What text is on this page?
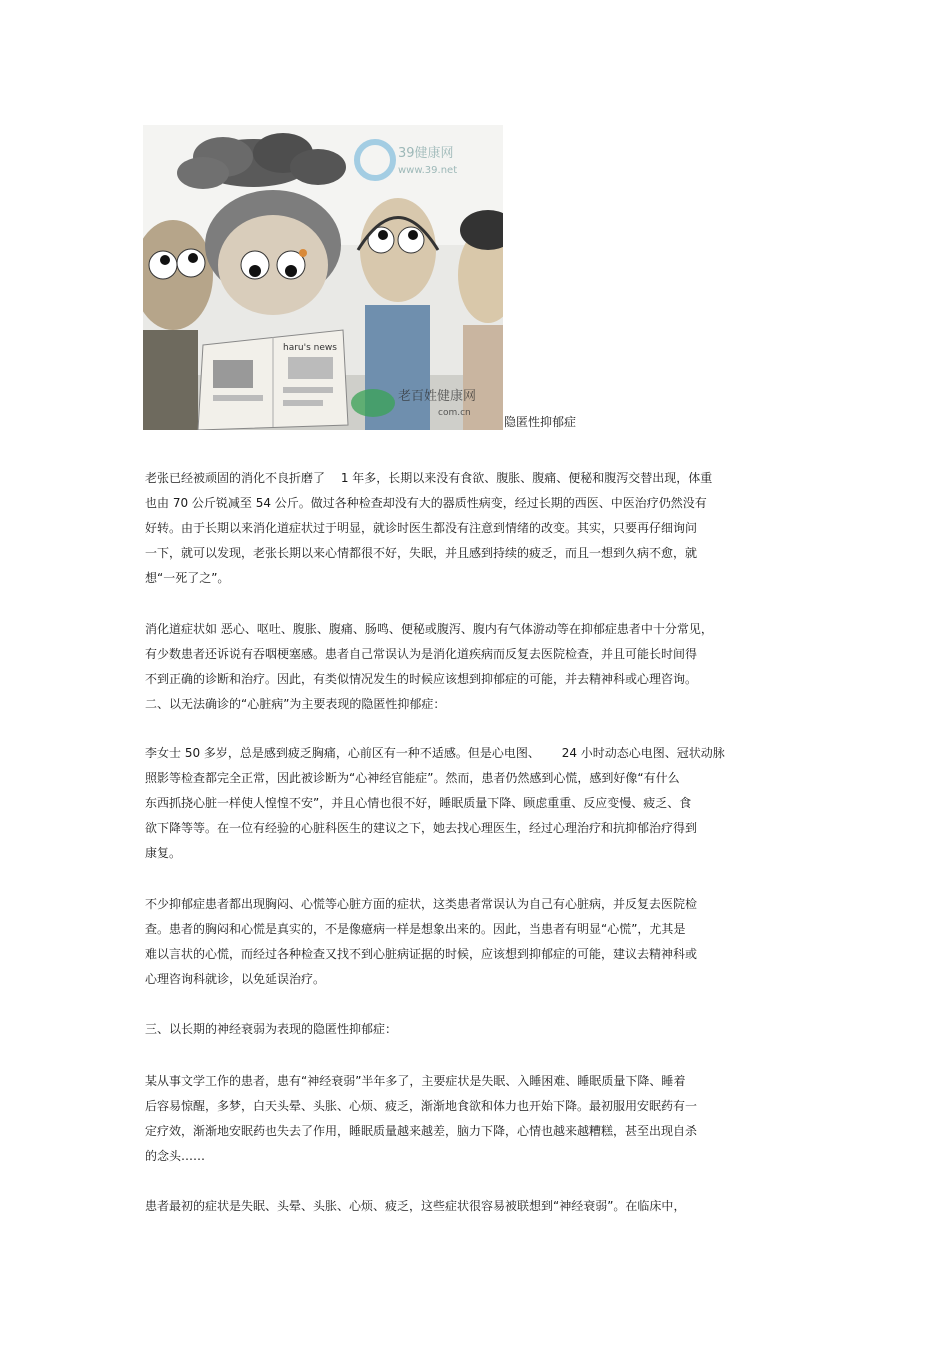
39健康网
www.39.net
haru's news
老百姓健康网
com.cn
隐匿性抑郁症
老张已经被顽固的消化不良折磨了 　1 年多，长期以来没有食欲、腹胀、腹痛、便秘和腹泻交替出现，体重
也由 70 公斤锐减至 54 公斤。做过各种检查却没有大的器质性病变，经过长期的西医、中医治疗仍然没有
好转。由于长期以来消化道症状过于明显，就诊时医生都没有注意到情绪的改变。其实，只要再仔细询问
一下，就可以发现，老张长期以来心情都很不好，失眠，并且感到持续的疲乏，而且一想到久病不愈，就
想“一死了之”。
消化道症状如 恶心、呕吐、腹胀、腹痛、肠鸣、便秘或腹泻、腹内有气体游动等在抑郁症患者中十分常见，
有少数患者还诉说有吞咽梗塞感。患者自己常误认为是消化道疾病而反复去医院检查，并且可能长时间得
不到正确的诊断和治疗。因此，有类似情况发生的时候应该想到抑郁症的可能，并去精神科或心理咨询。
二、以无法确诊的“心脏病”为主要表现的隐匿性抑郁症：
李女士 50 多岁，总是感到疲乏胸痛，心前区有一种不适感。但是心电图、　　 24 小时动态心电图、冠状动脉
照影等检查都完全正常，因此被诊断为“心神经官能症”。然而，患者仍然感到心慌，感到好像“有什么
东西抓挠心脏一样使人惶惶不安”，并且心情也很不好，睡眠质量下降、顾虑重重、反应变慢、疲乏、食
欲下降等等。在一位有经验的心脏科医生的建议之下，她去找心理医生，经过心理治疗和抗抑郁治疗得到
康复。
不少抑郁症患者都出现胸闷、心慌等心脏方面的症状，这类患者常误认为自己有心脏病，并反复去医院检
查。患者的胸闷和心慌是真实的，不是像癔病一样是想象出来的。因此，当患者有明显“心慌”，尤其是
难以言状的心慌，而经过各种检查又找不到心脏病证据的时候，应该想到抑郁症的可能，建议去精神科或
心理咨询科就诊，以免延误治疗。
三、以长期的神经衰弱为表现的隐匿性抑郁症：
某从事文学工作的患者，患有“神经衰弱”半年多了，主要症状是失眠、入睡困难、睡眠质量下降、睡着
后容易惊醒，多梦，白天头晕、头胀、心烦、疲乏，渐渐地食欲和体力也开始下降。最初服用安眠药有一
定疗效，渐渐地安眠药也失去了作用，睡眠质量越来越差，脑力下降，心情也越来越糟糕，甚至出现自杀
的念头……
患者最初的症状是失眠、头晕、头胀、心烦、疲乏，这些症状很容易被联想到“神经衰弱”。在临床中，
